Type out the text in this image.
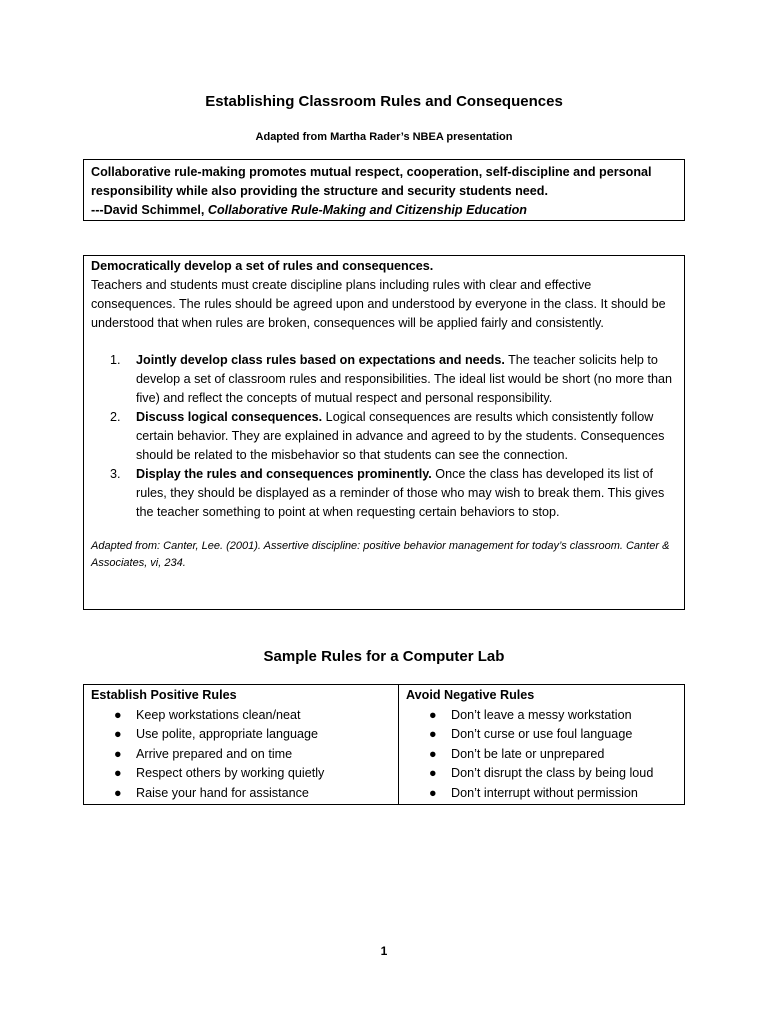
Establishing Classroom Rules and Consequences
Adapted from Martha Rader’s NBEA presentation
Collaborative rule-making promotes mutual respect, cooperation, self-discipline and personal responsibility while also providing the structure and security students need.
---David Schimmel, Collaborative Rule-Making and Citizenship Education
Democratically develop a set of rules and consequences.
Teachers and students must create discipline plans including rules with clear and effective consequences. The rules should be agreed upon and understood by everyone in the class. It should be understood that when rules are broken, consequences will be applied fairly and consistently.
1. Jointly develop class rules based on expectations and needs. The teacher solicits help to develop a set of classroom rules and responsibilities. The ideal list would be short (no more than five) and reflect the concepts of mutual respect and personal responsibility.
2. Discuss logical consequences. Logical consequences are results which consistently follow certain behavior. They are explained in advance and agreed to by the students. Consequences should be related to the misbehavior so that students can see the connection.
3. Display the rules and consequences prominently. Once the class has developed its list of rules, they should be displayed as a reminder of those who may wish to break them. This gives the teacher something to point at when requesting certain behaviors to stop.
Adapted from: Canter, Lee. (2001). Assertive discipline: positive behavior management for today’s classroom. Canter & Associates, vi, 234.
Sample Rules for a Computer Lab
Establish Positive Rules
● Keep workstations clean/neat
● Use polite, appropriate language
● Arrive prepared and on time
● Respect others by working quietly
● Raise your hand for assistance

Avoid Negative Rules
● Don’t leave a messy workstation
● Don’t curse or use foul language
● Don’t be late or unprepared
● Don’t disrupt the class by being loud
● Don’t interrupt without permission
1
